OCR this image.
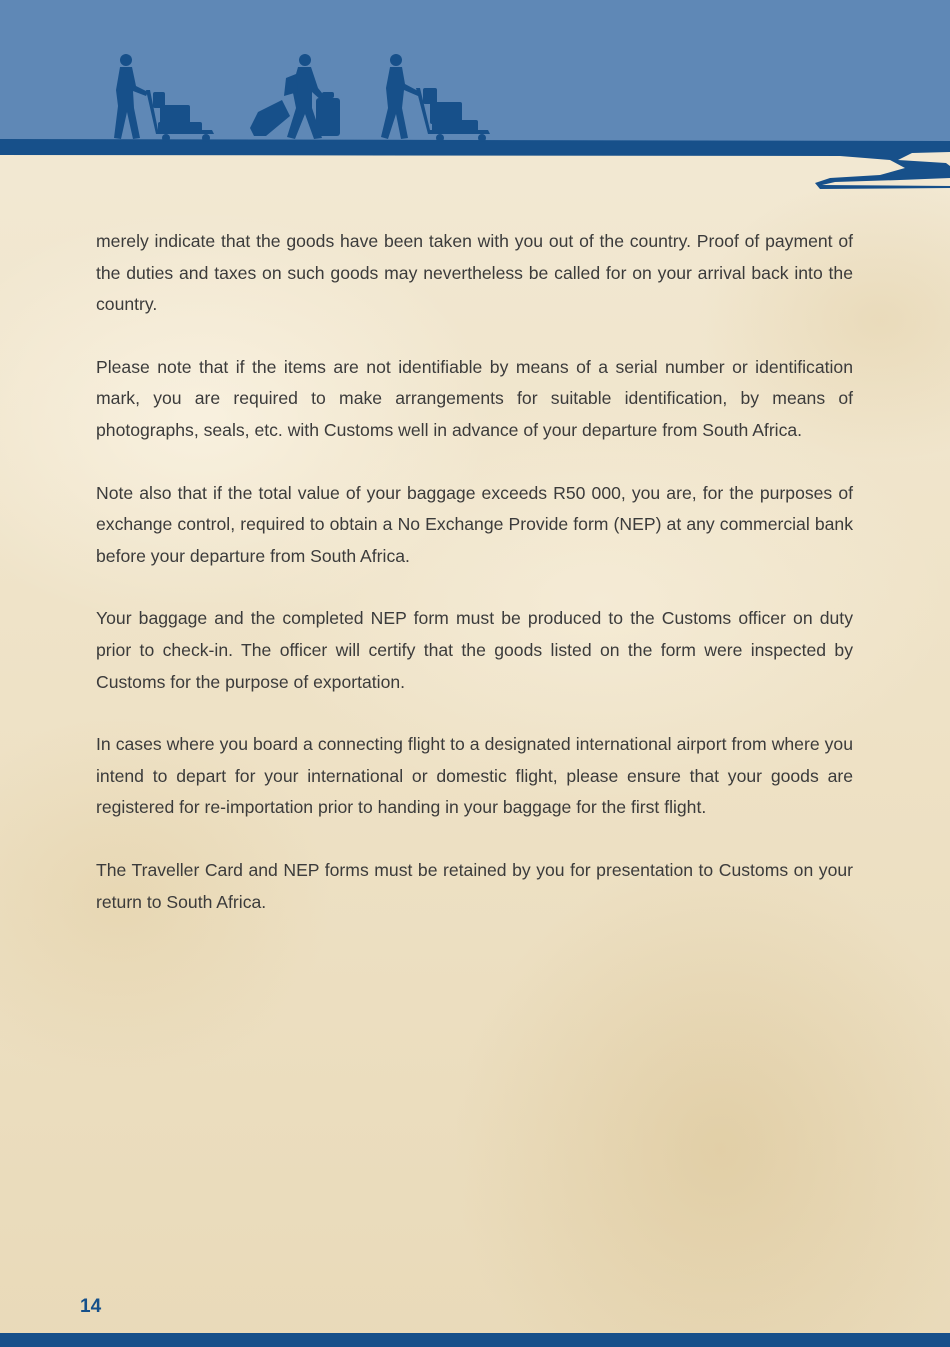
merely indicate that the goods have been taken with you out of the country. Proof of payment of the duties and taxes on such goods may nevertheless be called for on your arrival back into the country.

Please note that if the items are not identifiable by means of a serial number or identification mark, you are required to make arrangements for suitable identification, by means of photographs, seals, etc. with Customs well in advance of your departure from South Africa.

Note also that if the total value of your baggage exceeds R50 000, you are, for the purposes of exchange control, required to obtain a No Exchange Provide form (NEP) at any commercial bank before your departure from South Africa.

Your baggage and the completed NEP form must be produced to the Customs officer on duty prior to check-in. The officer will certify that the goods listed on the form were inspected by Customs for the purpose of exportation.

In cases where you board a connecting flight to a designated international airport from where you intend to depart for your international or domestic flight, please ensure that your goods are registered for re-importation prior to handing in your baggage for the first flight.

The Traveller Card and NEP forms must be retained by you for presentation to Customs on your return to South Africa.

14
